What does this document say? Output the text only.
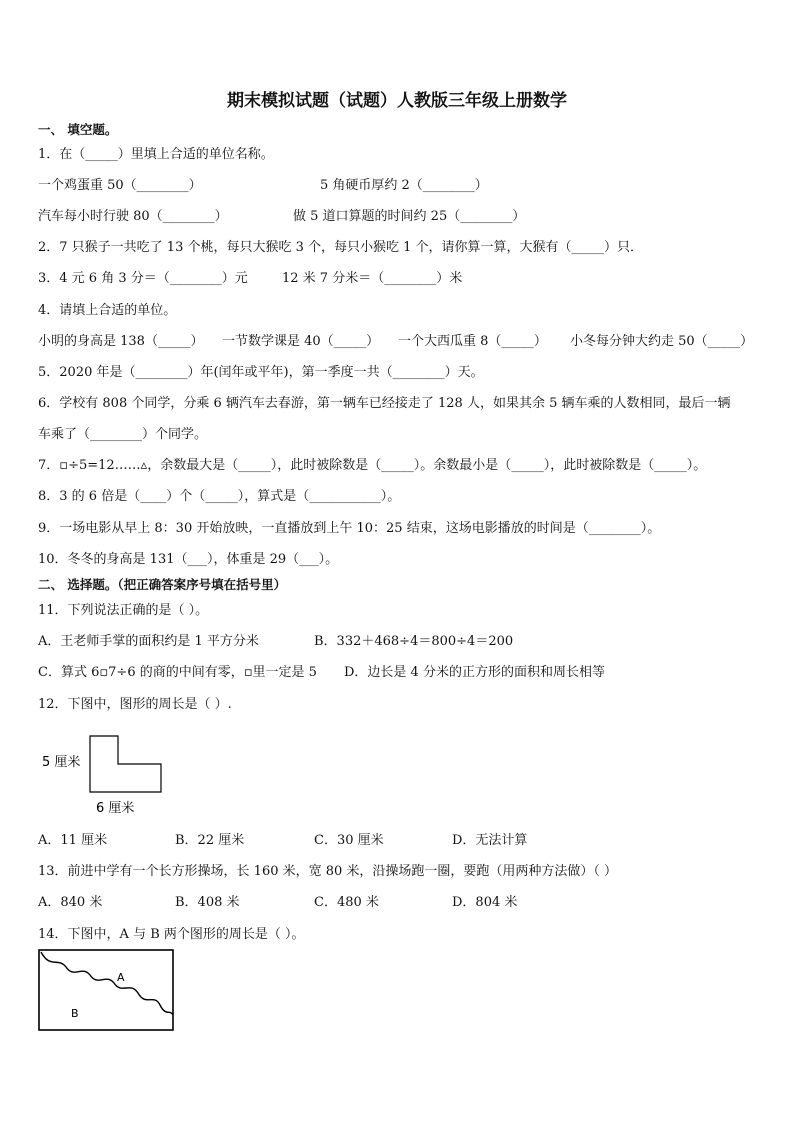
期末模拟试题（试题）人教版三年级上册数学
一、 填空题。
1．在（_____）里填上合适的单位名称。
一个鸡蛋重 50（________）	5 角硬币厚约 2（________）
汽车每小时行驶 80（________）	做 5 道口算题的时间约 25（________）
2．7 只猴子一共吃了 13 个桃，每只大猴吃 3 个，每只小猴吃 1 个，请你算一算，大猴有（_____）只．
3．4 元 6 角 3 分＝（________）元	12 米 7 分米＝（________）米
4．请填上合适的单位。
小明的身高是 138（_____） 一节数学课是 40（_____） 一个大西瓜重 8（_____） 小冬每分钟大约走 50（_____）
5．2020 年是（________）年(闰年或平年)，第一季度一共（________）天。
6．学校有 808 个同学，分乘 6 辆汽车去春游，第一辆车已经接走了 128 人，如果其余 5 辆车乘的人数相同，最后一辆
车乘了（________）个同学。
7．▫÷5=12……▵，余数最大是（_____），此时被除数是（_____）。余数最小是（_____），此时被除数是（_____）。
8．3 的 6 倍是（____）个（_____），算式是（___________）。
9．一场电影从早上 8：30 开始放映，一直播放到上午 10：25 结束，这场电影播放的时间是（________）。
10．冬冬的身高是 131（___），体重是 29（___）。
二、 选择题。（把正确答案序号填在括号里）
11．下列说法正确的是（ ）。
A．王老师手掌的面积约是 1 平方分米	B．332＋468÷4＝800÷4＝200
C．算式 6▫7÷6 的商的中间有零，▫里一定是 5 D．边长是 4 分米的正方形的面积和周长相等
12．下图中，图形的周长是（ ）.
5 厘米
6 厘米
A．11 厘米	B．22 厘米	C．30 厘米	D．无法计算
13．前进中学有一个长方形操场，长 160 米，宽 80 米，沿操场跑一圈，要跑（用两种方法做）（ ）
A．840 米	B．408 米	C．480 米	D．804 米
14．下图中，A 与 B 两个图形的周长是（ ）。
A
B
